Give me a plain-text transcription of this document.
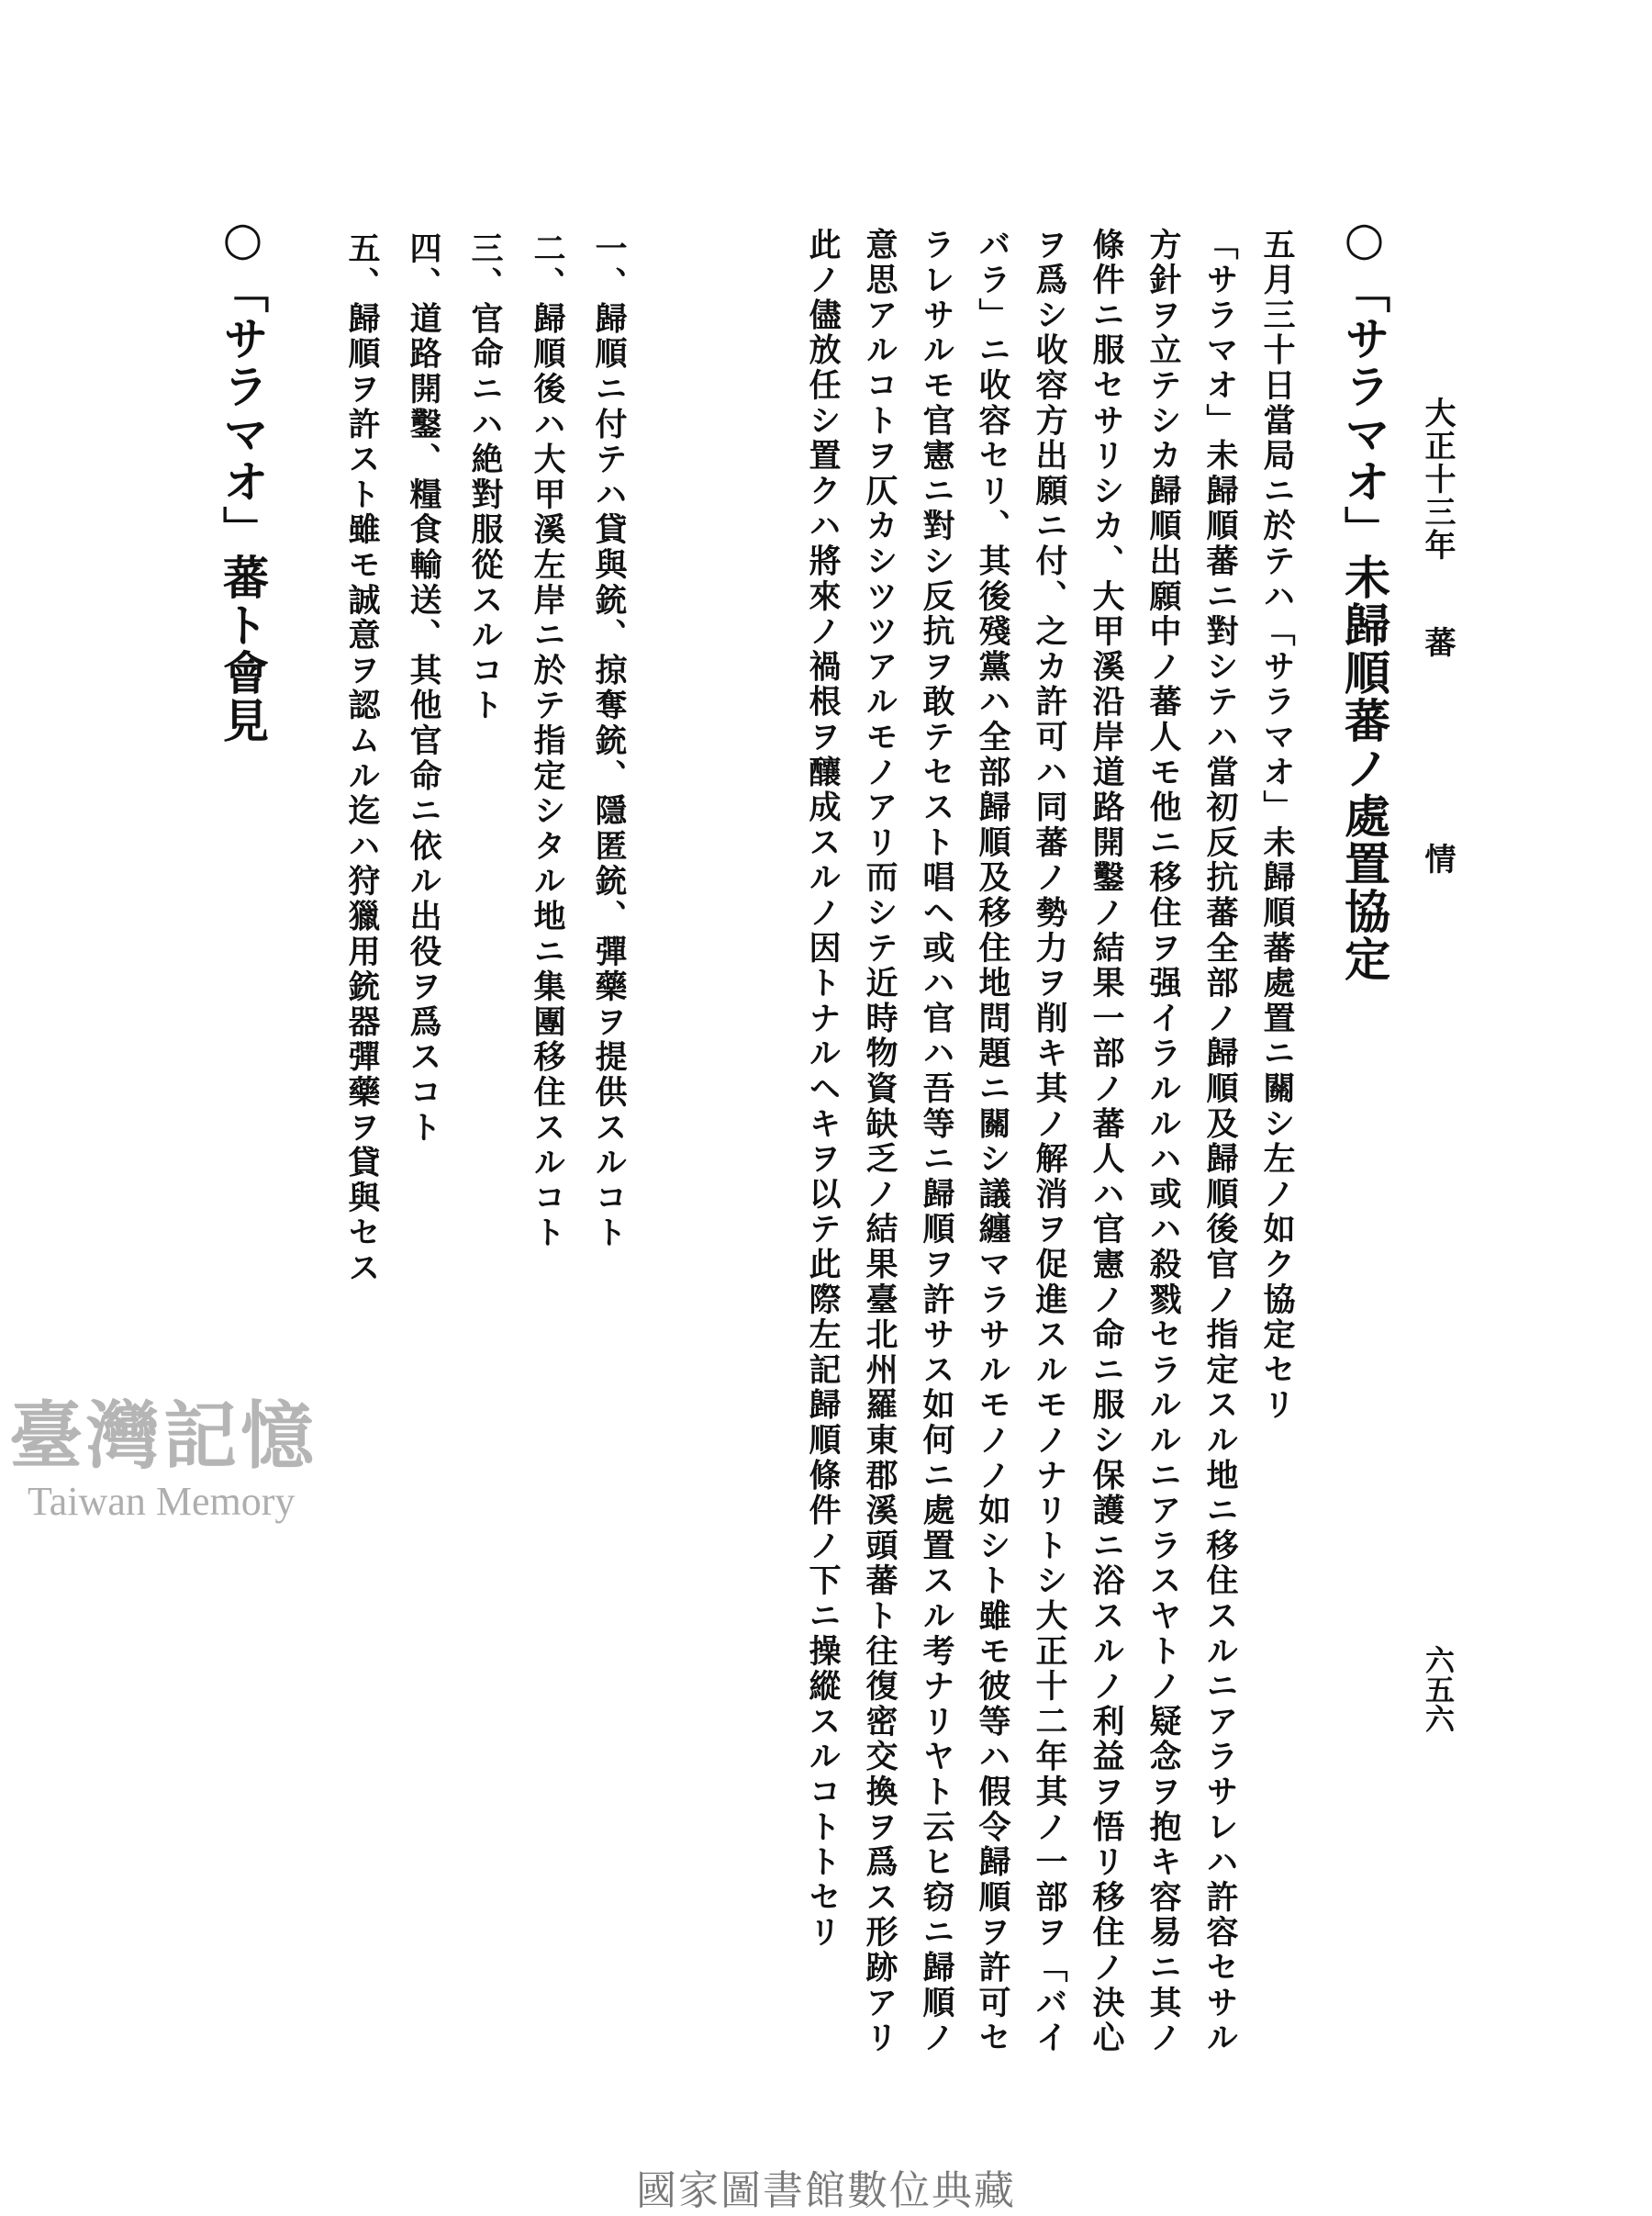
大正十三年蕃情
六五六
○「サラマオ」未歸順蕃ノ處置協定
五月三十日當局ニ於テハ「サラマオ」未歸順蕃處置ニ關シ左ノ如ク協定セリ
「サラマオ」未歸順蕃ニ對シテハ當初反抗蕃全部ノ歸順及歸順後官ノ指定スル地ニ移住スルニアラサレハ許容セサル
方針ヲ立テシカ歸順出願中ノ蕃人モ他ニ移住ヲ强イラルルハ或ハ殺戮セラルルニアラスヤトノ疑念ヲ抱キ容易ニ其ノ
條件ニ服セサリシカ、大甲溪沿岸道路開鑿ノ結果一部ノ蕃人ハ官憲ノ命ニ服シ保護ニ浴スルノ利益ヲ悟リ移住ノ決心
ヲ爲シ收容方出願ニ付、之カ許可ハ同蕃ノ勢力ヲ削キ其ノ解消ヲ促進スルモノナリトシ大正十二年其ノ一部ヲ「バイ
バラ」ニ收容セリ、其後殘黨ハ全部歸順及移住地問題ニ關シ議纏マラサルモノノ如シト雖モ彼等ハ假令歸順ヲ許可セ
ラレサルモ官憲ニ對シ反抗ヲ敢テセスト唱ヘ或ハ官ハ吾等ニ歸順ヲ許サス如何ニ處置スル考ナリヤト云ヒ窃ニ歸順ノ
意思アルコトヲ仄カシツツアルモノアリ而シテ近時物資缺乏ノ結果臺北州羅東郡溪頭蕃ト往復密交換ヲ爲ス形跡アリ
此ノ儘放任シ置クハ將來ノ禍根ヲ釀成スルノ因トナルヘキヲ以テ此際左記歸順條件ノ下ニ操縱スルコトトセリ
一、歸順ニ付テハ貸與銃、掠奪銃、隱匿銃、彈藥ヲ提供スルコト
二、歸順後ハ大甲溪左岸ニ於テ指定シタル地ニ集團移住スルコト
三、官命ニハ絶對服從スルコト
四、道路開鑿、糧食輸送、其他官命ニ依ル出役ヲ爲スコト
五、歸順ヲ許スト雖モ誠意ヲ認ムル迄ハ狩獵用銃器彈藥ヲ貸與セス
○「サラマオ」蕃ト會見
臺灣記憶
Taiwan Memory
國家圖書館數位典藏
